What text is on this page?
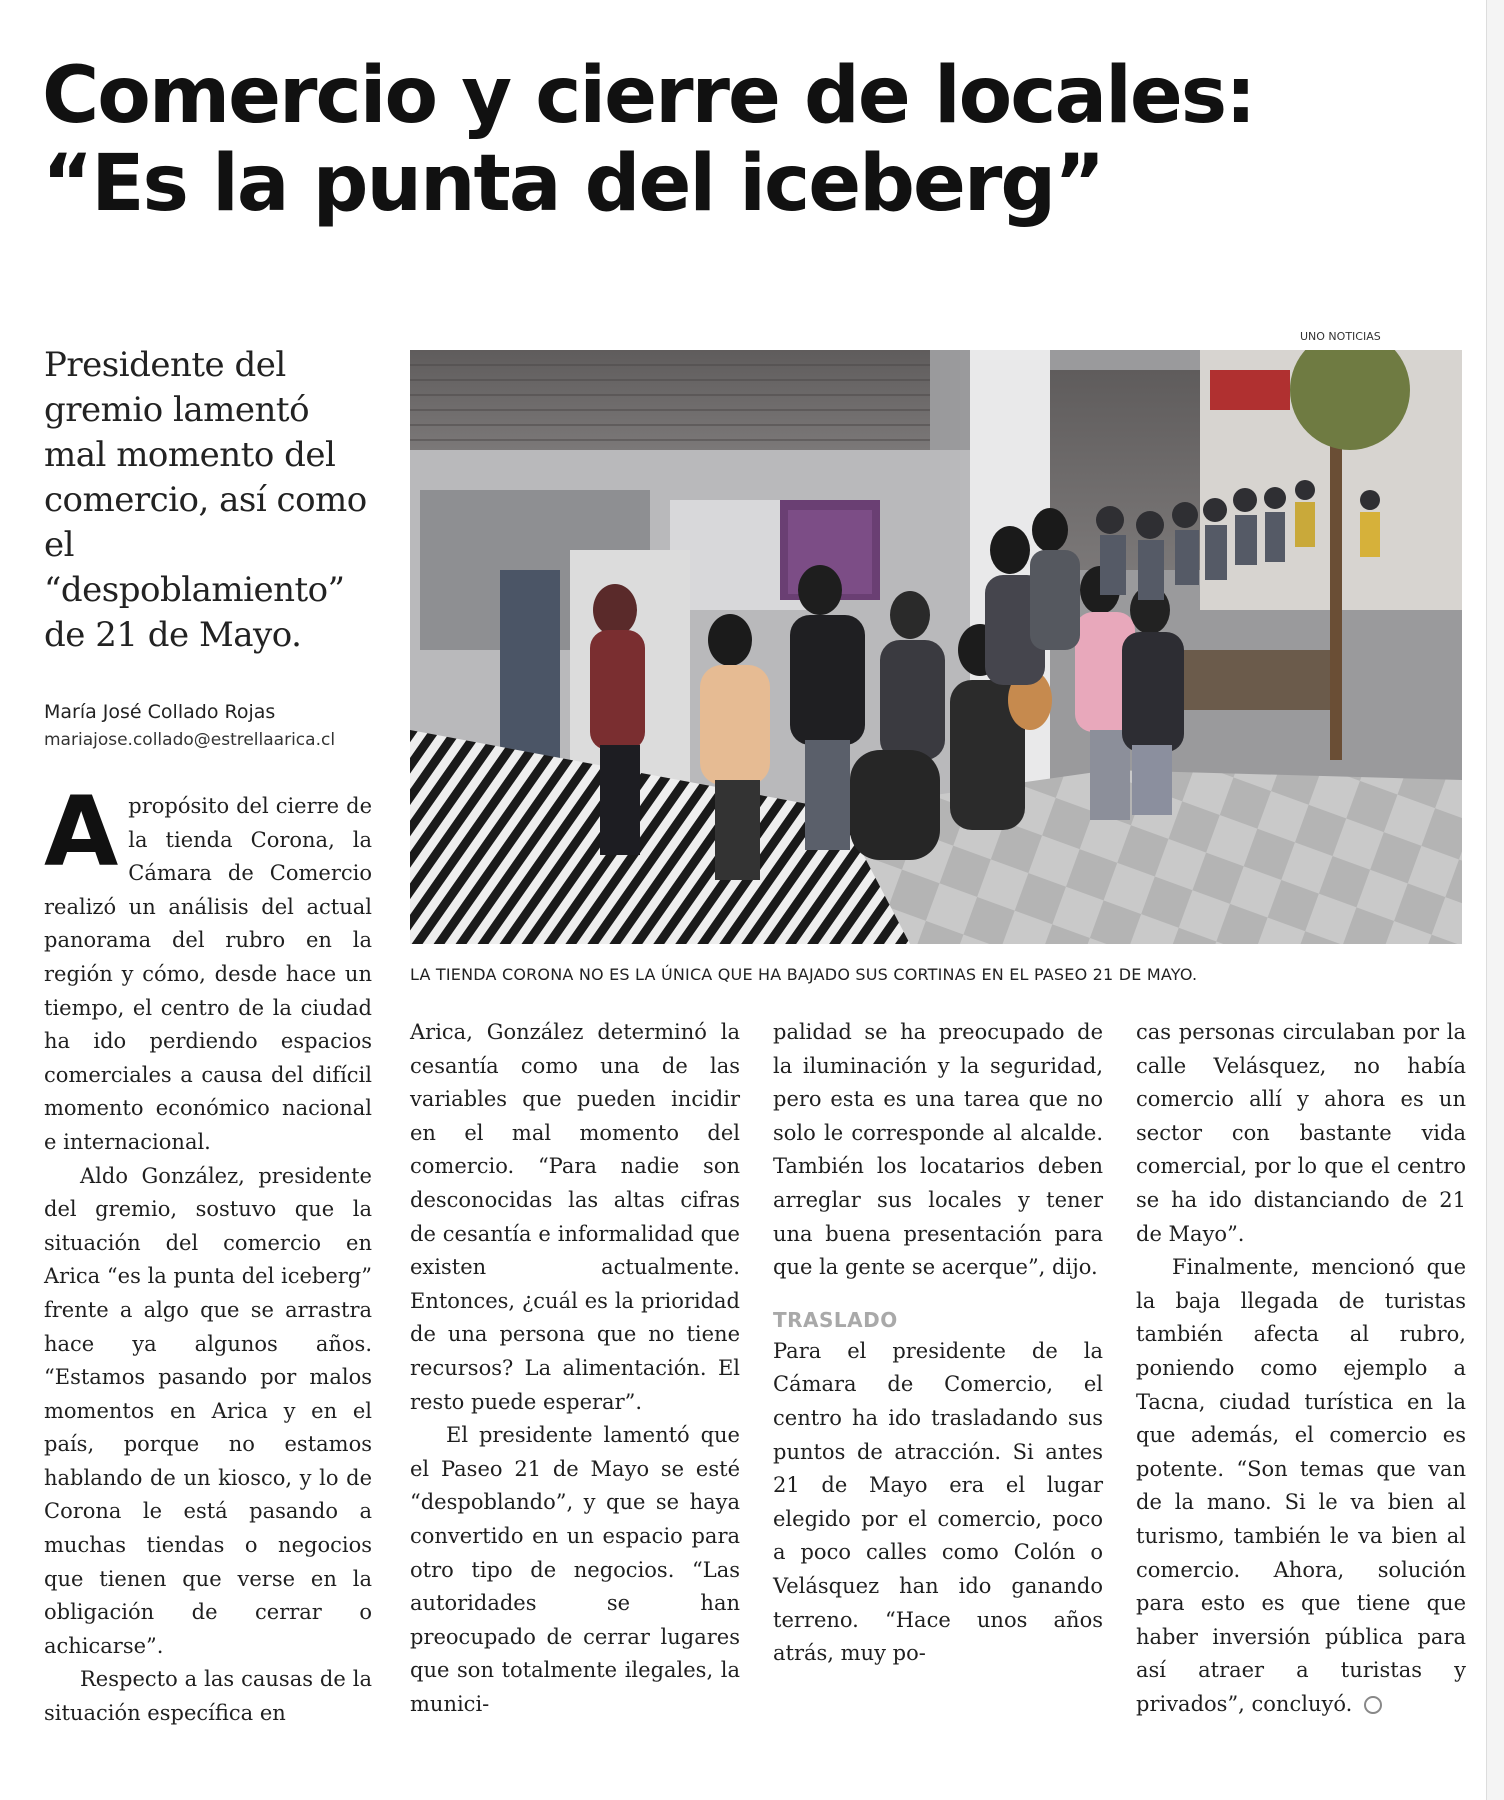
Comercio y cierre de locales:
“Es la punta del iceberg”
Presidente del gremio lamentó mal momento del comercio, así como el “despoblamiento” de 21 de Mayo.
María José Collado Rojas
mariajose.collado@estrellaarica.cl
UNO NOTICIAS
LA TIENDA CORONA NO ES LA ÚNICA QUE HA BAJADO SUS CORTINAS EN EL PASEO 21 DE MAYO.

Apropósito del cierre de la tienda Corona, la Cámara de Comercio realizó un análisis del actual panorama del rubro en la región y cómo, desde hace un tiempo, el centro de la ciudad ha ido perdiendo espacios comerciales a causa del difícil momento económico nacional e internacional.

Aldo González, presidente del gremio, sostuvo que la situación del comercio en Arica “es la punta del iceberg” frente a algo que se arrastra hace ya algunos años. “Estamos pasando por malos momentos en Arica y en el país, porque no estamos hablando de un kiosco, y lo de Corona le está pasando a muchas tiendas o negocios que tienen que verse en la obligación de cerrar o achicarse”.

Respecto a las causas de la situación específica en

Arica, González determinó la cesantía como una de las variables que pueden incidir en el mal momento del comercio. “Para nadie son desconocidas las altas cifras de cesantía e informalidad que existen actualmente. Entonces, ¿cuál es la prioridad de una persona que no tiene recursos? La alimentación. El resto puede esperar”.

El presidente lamentó que el Paseo 21 de Mayo se esté “despoblando”, y que se haya convertido en un espacio para otro tipo de negocios. “Las autoridades se han preocupado de cerrar lugares que son totalmente ilegales, la munici-

palidad se ha preocupado de la iluminación y la seguridad, pero esta es una tarea que no solo le corresponde al alcalde. También los locatarios deben arreglar sus locales y tener una buena presentación para que la gente se acerque”, dijo.

TRASLADO

Para el presidente de la Cámara de Comercio, el centro ha ido trasladando sus puntos de atracción. Si antes 21 de Mayo era el lugar elegido por el comercio, poco a poco calles como Colón o Velásquez han ido ganando terreno. “Hace unos años atrás, muy po-

cas personas circulaban por la calle Velásquez, no había comercio allí y ahora es un sector con bastante vida comercial, por lo que el centro se ha ido distanciando de 21 de Mayo”.

Finalmente, mencionó que la baja llegada de turistas también afecta al rubro, poniendo como ejemplo a Tacna, ciudad turística en la que además, el comercio es potente. “Son temas que van de la mano. Si le va bien al turismo, también le va bien al comercio. Ahora, solución para esto es que tiene que haber inversión pública para así atraer a turistas y privados”, concluyó.
